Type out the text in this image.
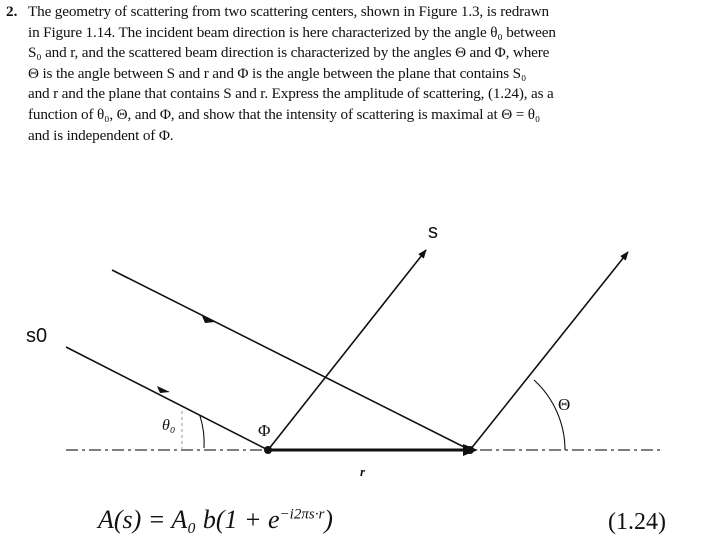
2. The geometry of scattering from two scattering centers, shown in Figure 1.3, is redrawn
in Figure 1.14. The incident beam direction is here characterized by the angle θ₀ between
S₀ and r, and the scattered beam direction is characterized by the angles Θ and Φ, where
Θ is the angle between S and r and Φ is the angle between the plane that contains S₀
and r and the plane that contains S and r. Express the amplitude of scattering, (1.24), as a
function of θ₀, Θ, and Φ, and show that the intensity of scattering is maximal at Θ = θ₀
and is independent of Φ.
s
s0
θ₀	Φ
Θ
r
A(s) = A₀ $b(1 + e^{-i2\pi s\cdot r})$	(1.24)
